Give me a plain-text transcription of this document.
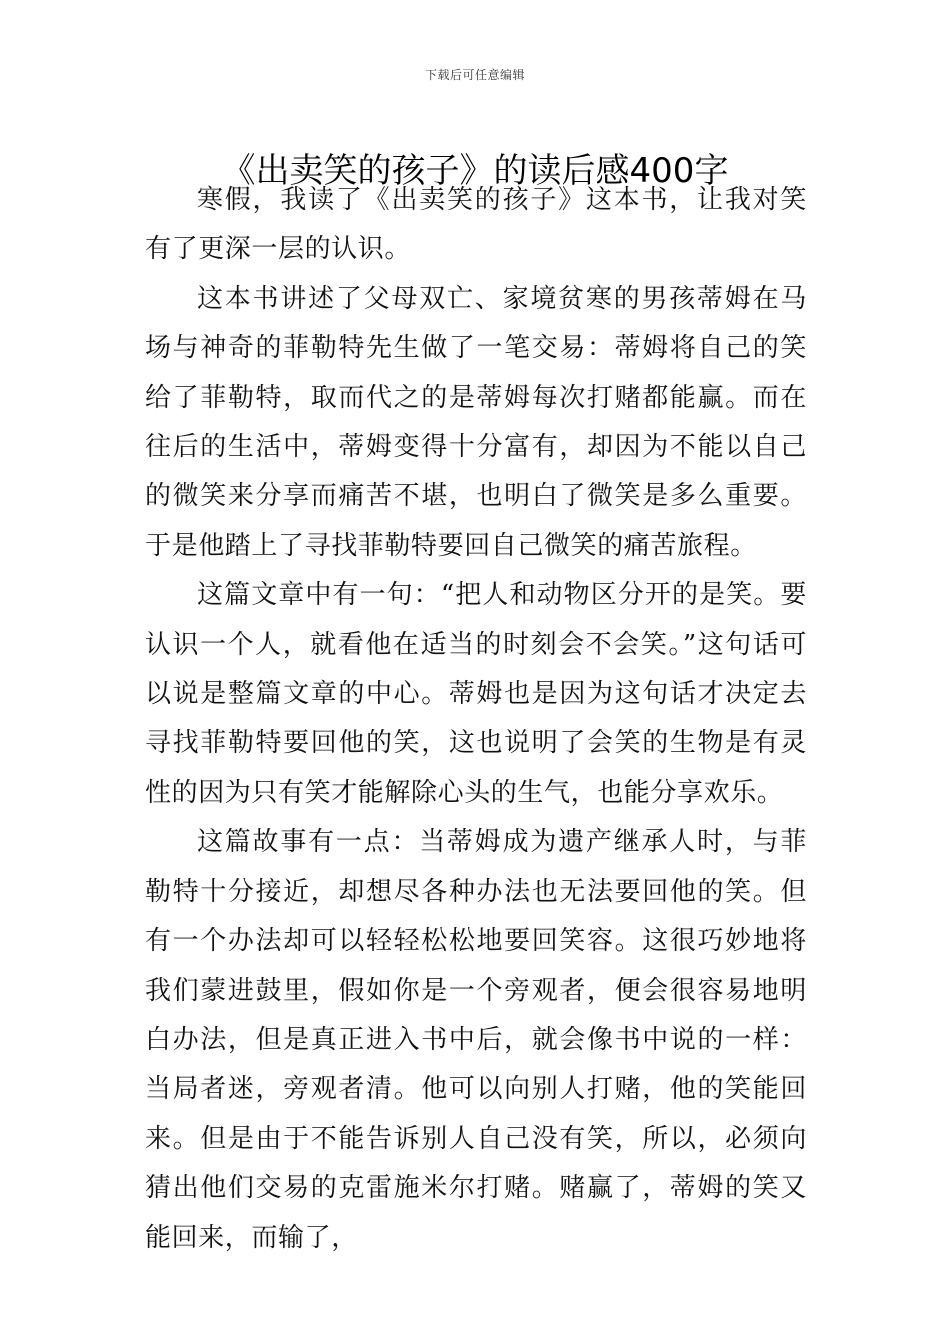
下载后可任意编辑
《出卖笑的孩子》的读后感400字

寒假，我读了《出卖笑的孩子》这本书，让我对笑有了更深一层的认识。

这本书讲述了父母双亡、家境贫寒的男孩蒂姆在马场与神奇的菲勒特先生做了一笔交易：蒂姆将自己的笑给了菲勒特，取而代之的是蒂姆每次打赌都能赢。而在往后的生活中，蒂姆变得十分富有，却因为不能以自己的微笑来分享而痛苦不堪，也明白了微笑是多么重要。于是他踏上了寻找菲勒特要回自己微笑的痛苦旅程。

这篇文章中有一句：“把人和动物区分开的是笑。要认识一个人，就看他在适当的时刻会不会笑。”这句话可以说是整篇文章的中心。蒂姆也是因为这句话才决定去寻找菲勒特要回他的笑，这也说明了会笑的生物是有灵性的因为只有笑才能解除心头的生气，也能分享欢乐。

这篇故事有一点：当蒂姆成为遗产继承人时，与菲勒特十分接近，却想尽各种办法也无法要回他的笑。但有一个办法却可以轻轻松松地要回笑容。这很巧妙地将我们蒙进鼓里，假如你是一个旁观者，便会很容易地明白办法，但是真正进入书中后，就会像书中说的一样：当局者迷，旁观者清。他可以向别人打赌，他的笑能回来。但是由于不能告诉别人自己没有笑，所以，必须向猜出他们交易的克雷施米尔打赌。赌赢了，蒂姆的笑又能回来，而输了，
